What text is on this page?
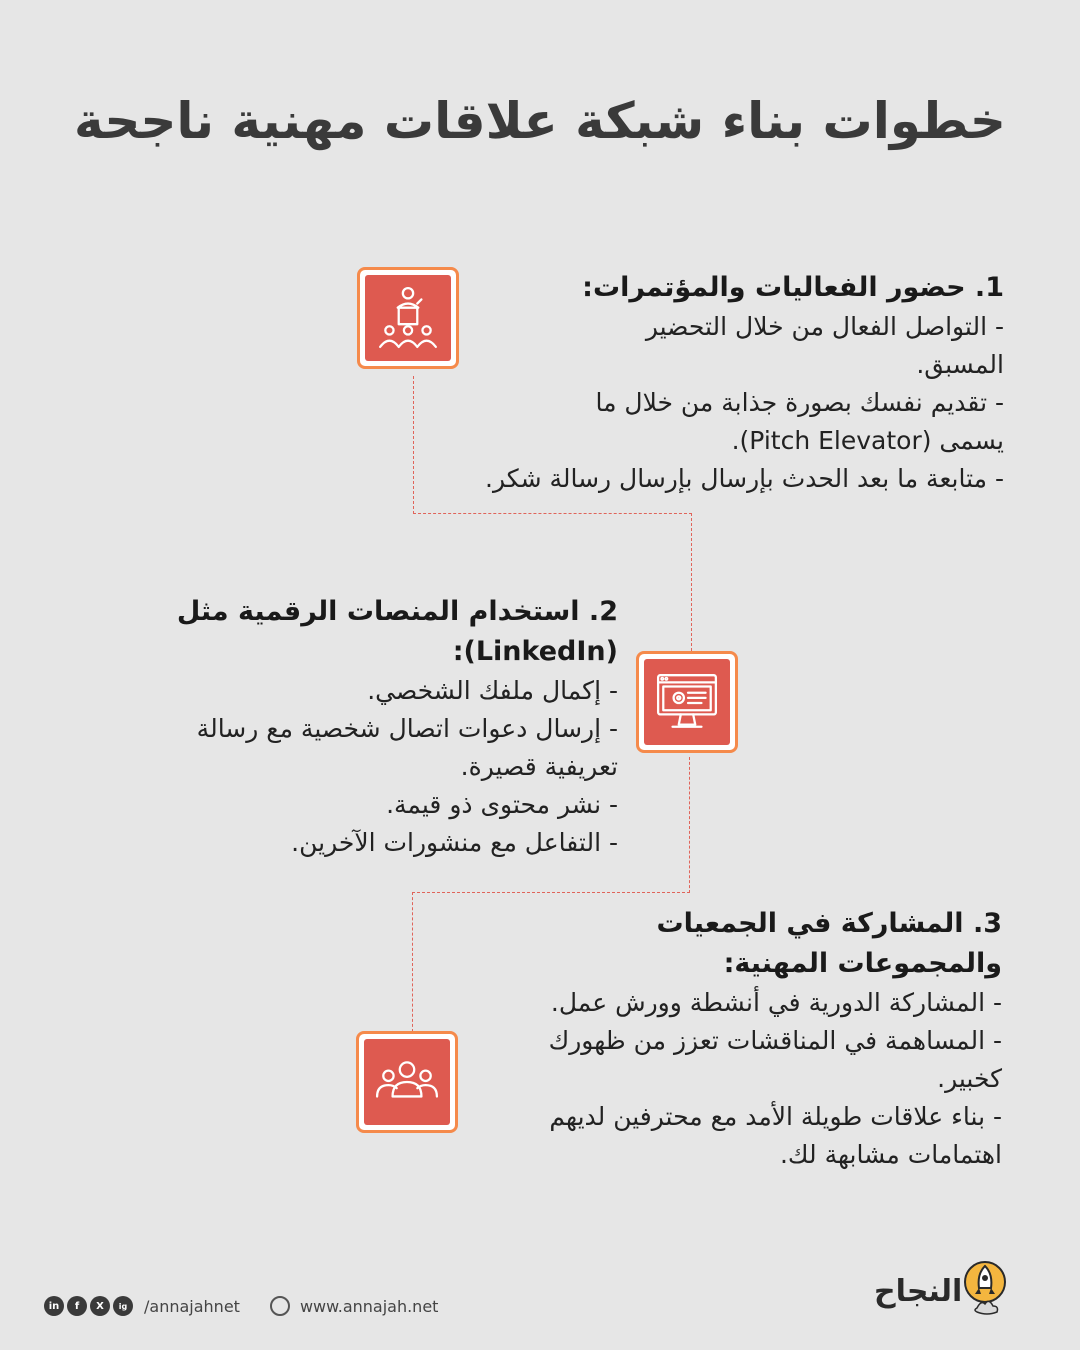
خطوات بناء شبكة علاقات مهنية ناجحة
1. حضور الفعاليات والمؤتمرات:
- التواصل الفعال من خلال التحضير المسبق.
- تقديم نفسك بصورة جذابة من خلال ما يسمى (Pitch Elevator).
- متابعة ما بعد الحدث بإرسال بإرسال رسالة شكر.
2. استخدام المنصات الرقمية مثل (LinkedIn):
- إكمال ملفك الشخصي.
- إرسال دعوات اتصال شخصية مع رسالة تعريفية قصيرة.
- نشر محتوى ذو قيمة.
- التفاعل مع منشورات الآخرين.
3. المشاركة في الجمعيات والمجموعات المهنية:
- المشاركة الدورية في أنشطة وورش عمل.
- المساهمة في المناقشات تعزز من ظهورك كخبير.
- بناء علاقات طويلة الأمد مع محترفين لديهم اهتمامات مشابهة لك.
in	f	X	ig	/annajahnet	www.annajah.net	النجاح
